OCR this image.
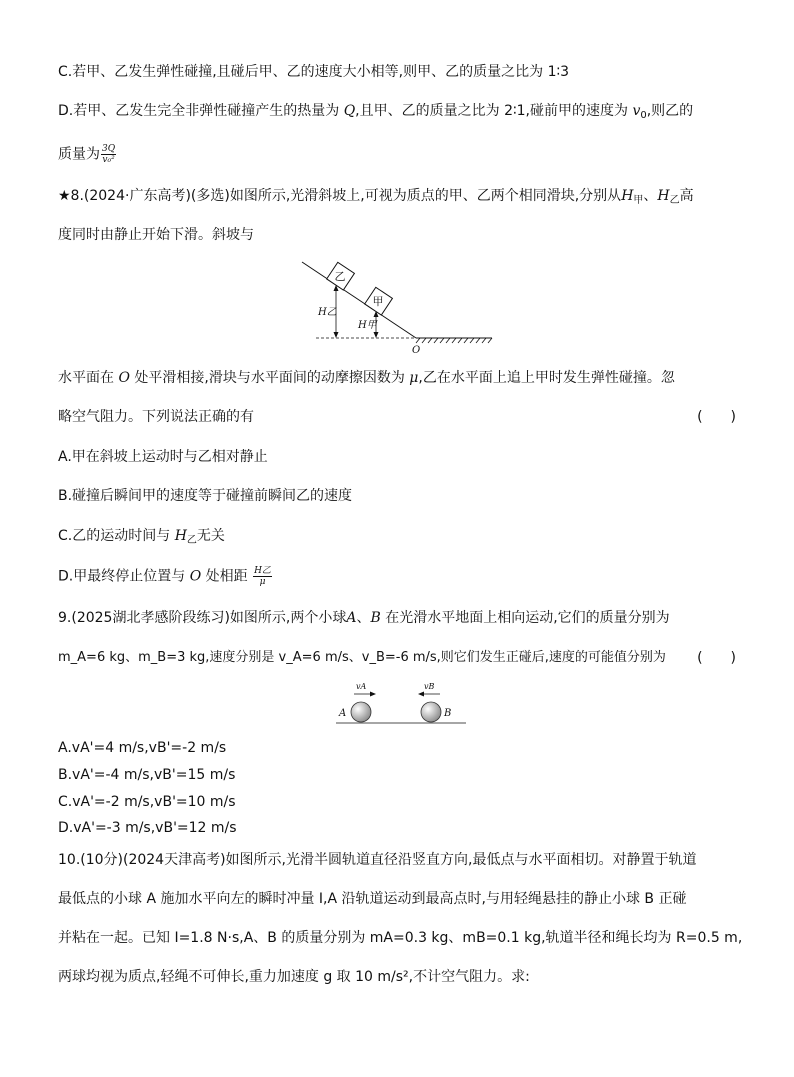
C.若甲、乙发生弹性碰撞,且碰后甲、乙的速度大小相等,则甲、乙的质量之比为 1∶3
D.若甲、乙发生完全非弹性碰撞产生的热量为 Q,且甲、乙的质量之比为 2∶1,碰前甲的速度为 $v_0$,则乙的
质量为 $\frac{3Q}{\text{v₀²}}$
★8.(2024·广东高考)(多选)如图所示,光滑斜坡上,可视为质点的甲、乙两个相同滑块,分别从$H_甲$、$H_乙$高
度同时由静止开始下滑。斜坡与
乙
甲
H乙
H甲
O
水平面在 O 处平滑相接,滑块与水平面间的动摩擦因数为 μ,乙在水平面上追上甲时发生弹性碰撞。忽
略空气阻力。下列说法正确的有	(　　)
A.甲在斜坡上运动时与乙相对静止
B.碰撞后瞬间甲的速度等于碰撞前瞬间乙的速度
C.乙的运动时间与 $H_乙$无关
D.甲最终停止位置与 O 处相距 $\frac{\text{H乙}}{\mu}$
9.(2025湖北孝感阶段练习)如图所示,两个小球A、B 在光滑水平地面上相向运动,它们的质量分别为
m_A=6 kg、m_B=3 kg,速度分别是 v_A=6 m/s、v_B=-6 m/s,则它们发生正碰后,速度的可能值分别为 (　　)
vA	vB
A	B
A.vA'=4 m/s,vB'=-2 m/s
B.vA'=-4 m/s,vB'=15 m/s
C.vA'=-2 m/s,vB'=10 m/s
D.vA'=-3 m/s,vB'=12 m/s
10.(10分)(2024天津高考)如图所示,光滑半圆轨道直径沿竖直方向,最低点与水平面相切。对静置于轨道
最低点的小球 A 施加水平向左的瞬时冲量 I,A 沿轨道运动到最高点时,与用轻绳悬挂的静止小球 B 正碰
并粘在一起。已知 I=1.8 N·s,A、B 的质量分别为 mA=0.3 kg、mB=0.1 kg,轨道半径和绳长均为 R=0.5 m,
两球均视为质点,轻绳不可伸长,重力加速度 g 取 10 m/s²,不计空气阻力。求:
